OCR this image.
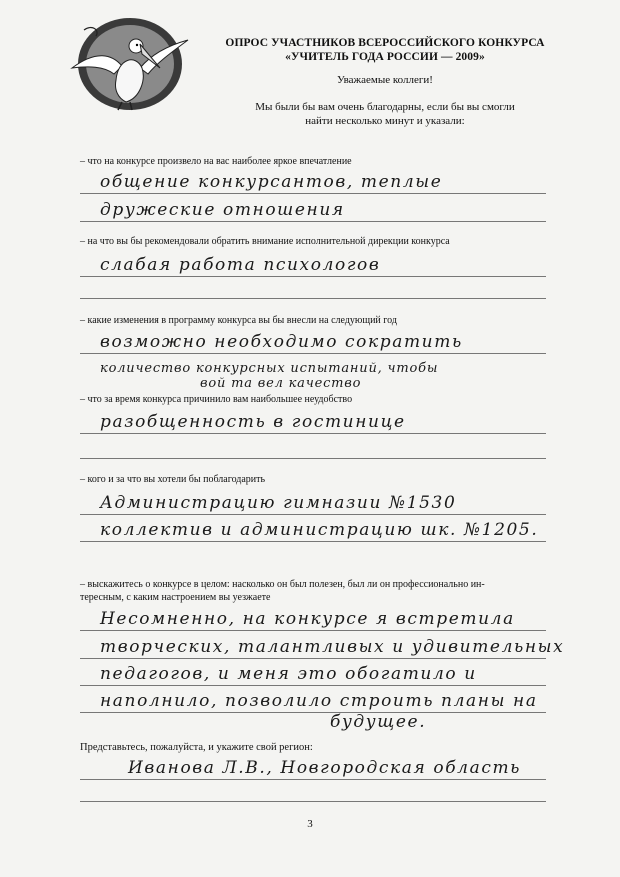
ОПРОС УЧАСТНИКОВ ВСЕРОССИЙСКОГО КОНКУРСА
«УЧИТЕЛЬ ГОДА РОССИИ — 2009»
Уважаемые коллеги!
Мы были бы вам очень благодарны, если бы вы смогли
найти несколько минут и указали:
– что на конкурсе произвело на вас наиболее яркое впечатление
общение конкурсантов, теплые
дружеские отношения
– на что вы бы рекомендовали обратить внимание исполнительной дирекции конкурса
слабая работа психологов
– какие изменения в программу конкурса вы бы внесли на следующий год
возможно необходимо сократить
количество конкурсных испытаний, чтобы
вой та вел качество
– что за время конкурса причинило вам наибольшее неудобство
разобщенность в гостинице
– кого и за что вы хотели бы поблагодарить
Администрацию гимназии №1530
коллектив и администрацию шк. №1205.
– выскажитесь о конкурсе в целом: насколько он был полезен, был ли он профессионально ин-
тересным, с каким настроением вы уезжаете
Несомненно, на конкурсе я встретила
творческих, талантливых и удивительных
педагогов, и меня это обогатило и
наполнило, позволило строить планы на
будущее.
Представьтесь, пожалуйста, и укажите свой регион:
Иванова Л.В., Новгородская область
3
